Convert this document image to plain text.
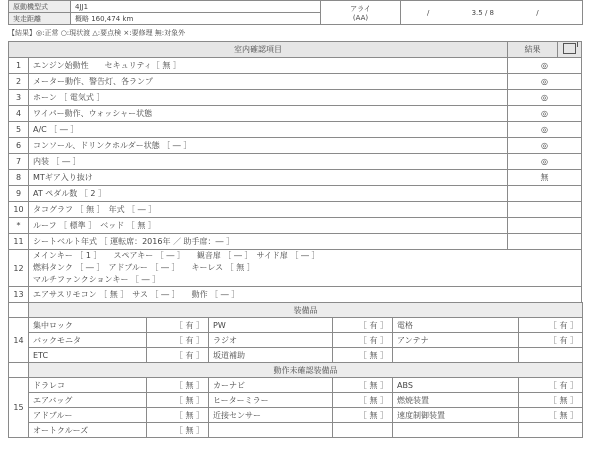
原動機型式	4JJ1	アライ
(AA)	/ 3.5 / 8 /
実走距離	概略 160,474 km		
【結果】◎:正常 ○:現状渡 △:要点検 ×:要修理 無:対象外
室内確認項目		結果	
1	エンジン始動性　　セキュリティ［ 無 ］	◎	
2	メーター動作、警告灯、各ランプ	◎	
3	ホーン ［ 電気式 ］	◎	
4	ワイパー動作、ウォッシャー状態	◎	
5	A/C ［ ― ］	◎	
6	コンソール、ドリンクホルダー状態 ［ ― ］	◎	
7	内装 ［ ― ］	◎	
8	MTギア入り抜け	無	
9	AT ペダル数 ［ 2 ］		
10	タコグラフ ［ 無 ］　年式 ［ ― ］		
*	ルーフ ［ 標準 ］　ベッド ［ 無 ］		
11	シートベルト年式 ［ 運転席：2016年 ／ 助手席：― ］		
12	メインキー ［ 1 ］　　スペアキー ［ ― ］　　観音扉 ［ ― ］　サイド扉 ［ ― ］
燃料タンク ［ ― ］　アドブルー ［ ― ］　　キーレス ［ 無 ］
マルチファンクションキー ［ ― ］		

13	エアサスリモコン ［ 無 ］　サス ［ ― ］　　動作 ［ ― ］		
	装備品					
14	集中ロック	［ 有 ］	PW	［ 有 ］	電格	［ 有 ］
	バックモニタ	［ 有 ］	ラジオ	［ 有 ］	アンテナ	［ 有 ］
	ETC	［ 有 ］	坂道補助	［ 無 ］		
	動作未確認装備品					
15	ドラレコ	［ 無 ］	カーナビ	［ 無 ］	ABS	［ 有 ］
	エアバッグ	［ 無 ］	ヒーターミラー	［ 無 ］	燃焼装置	［ 無 ］
	アドブルー	［ 無 ］	近接センサー	［ 無 ］	速度制御装置	［ 無 ］
	オートクルーズ	［ 無 ］				
